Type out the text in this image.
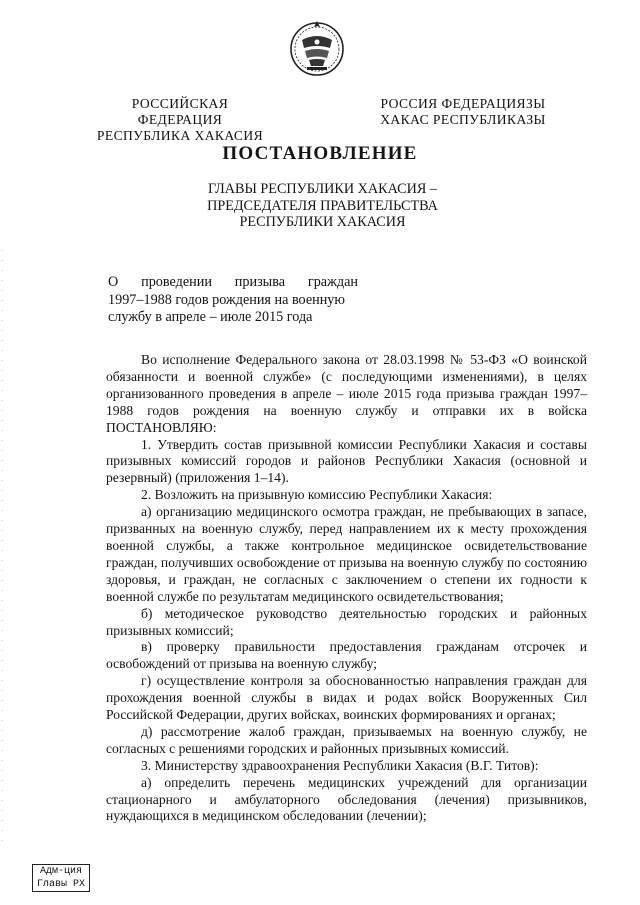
РОССИЙСКАЯ ФЕДЕРАЦИЯ
РЕСПУБЛИКА ХАКАСИЯ
РОССИЯ ФЕДЕРАЦИЯЗЫ
ХАКАС РЕСПУБЛИКАЗЫ
ПОСТАНОВЛЕНИЕ
ГЛАВЫ РЕСПУБЛИКИ ХАКАСИЯ –
ПРЕДСЕДАТЕЛЯ ПРАВИТЕЛЬСТВА
РЕСПУБЛИКИ ХАКАСИЯ
О проведении призыва граждан
1997–1988 годов рождения на военную
службу в апреле – июле 2015 года

Во исполнение Федерального закона от 28.03.1998 № 53-ФЗ «О воинской обязанности и военной службе» (с последующими изменениями), в целях организованного проведения в апреле – июле 2015 года призыва граждан 1997–1988 годов рождения на военную службу и отправки их в войска ПОСТАНОВЛЯЮ:

1. Утвердить состав призывной комиссии Республики Хакасия и составы призывных комиссий городов и районов Республики Хакасия (основной и резервный) (приложения 1–14).

2. Возложить на призывную комиссию Республики Хакасия:

а) организацию медицинского осмотра граждан, не пребывающих в запасе, призванных на военную службу, перед направлением их к месту прохождения военной службы, а также контрольное медицинское освидетельствование граждан, получивших освобождение от призыва на военную службу по состоянию здоровья, и граждан, не согласных с заключением о степени их годности к военной службе по результатам медицинского освидетельствования;

б) методическое руководство деятельностью городских и районных призывных комиссий;

в) проверку правильности предоставления гражданам отсрочек и освобождений от призыва на военную службу;

г) осуществление контроля за обоснованностью направления граждан для прохождения военной службы в видах и родах войск Вооруженных Сил Российской Федерации, других войсках, воинских формированиях и органах;

д) рассмотрение жалоб граждан, призываемых на военную службу, не согласных с решениями городских и районных призывных комиссий.

3. Министерству здравоохранения Республики Хакасия (В.Г. Титов):

а) определить перечень медицинских учреждений для организации стационарного и амбулаторного обследования (лечения) призывников, нуждающихся в медицинском обследовании (лечении);

Адм-ция
Главы РХ
